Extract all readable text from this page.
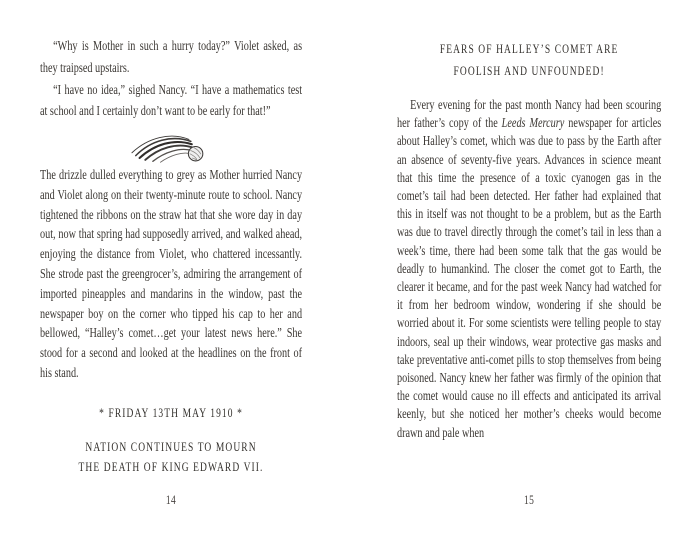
“Why is Mother in such a hurry today?” Violet asked, as they traipsed upstairs.

“I have no idea,” sighed Nancy. “I have a mathematics test at school and I certainly don’t want to be early for that!”

The drizzle dulled everything to grey as Mother hurried Nancy and Violet along on their twenty-minute route to school. Nancy tightened the ribbons on the straw hat that she wore day in day out, now that spring had supposedly arrived, and walked ahead, enjoying the distance from Violet, who chattered incessantly. She strode past the greengrocer’s, admiring the arrangement of imported pineapples and mandarins in the window, past the newspaper boy on the corner who tipped his cap to her and bellowed, “Halley’s comet…get your latest news here.” She stood for a second and looked at the headlines on the front of his stand.

* FRIDAY 13TH MAY 1910 *
NATION CONTINUES TO MOURN
THE DEATH OF KING EDWARD VII.
14
FEARS OF HALLEY’S COMET ARE
FOOLISH AND UNFOUNDED!

Every evening for the past month Nancy had been scouring her father’s copy of the Leeds Mercury newspaper for articles about Halley’s comet, which was due to pass by the Earth after an absence of seventy-five years. Advances in science meant that this time the presence of a toxic cyanogen gas in the comet’s tail had been detected. Her father had explained that this in itself was not thought to be a problem, but as the Earth was due to travel directly through the comet’s tail in less than a week’s time, there had been some talk that the gas would be deadly to humankind. The closer the comet got to Earth, the clearer it became, and for the past week Nancy had watched for it from her bedroom window, wondering if she should be worried about it. For some scientists were telling people to stay indoors, seal up their windows, wear protective gas masks and take preventative anti-comet pills to stop themselves from being poisoned. Nancy knew her father was firmly of the opinion that the comet would cause no ill effects and anticipated its arrival keenly, but she noticed her mother’s cheeks would become drawn and pale when

15
